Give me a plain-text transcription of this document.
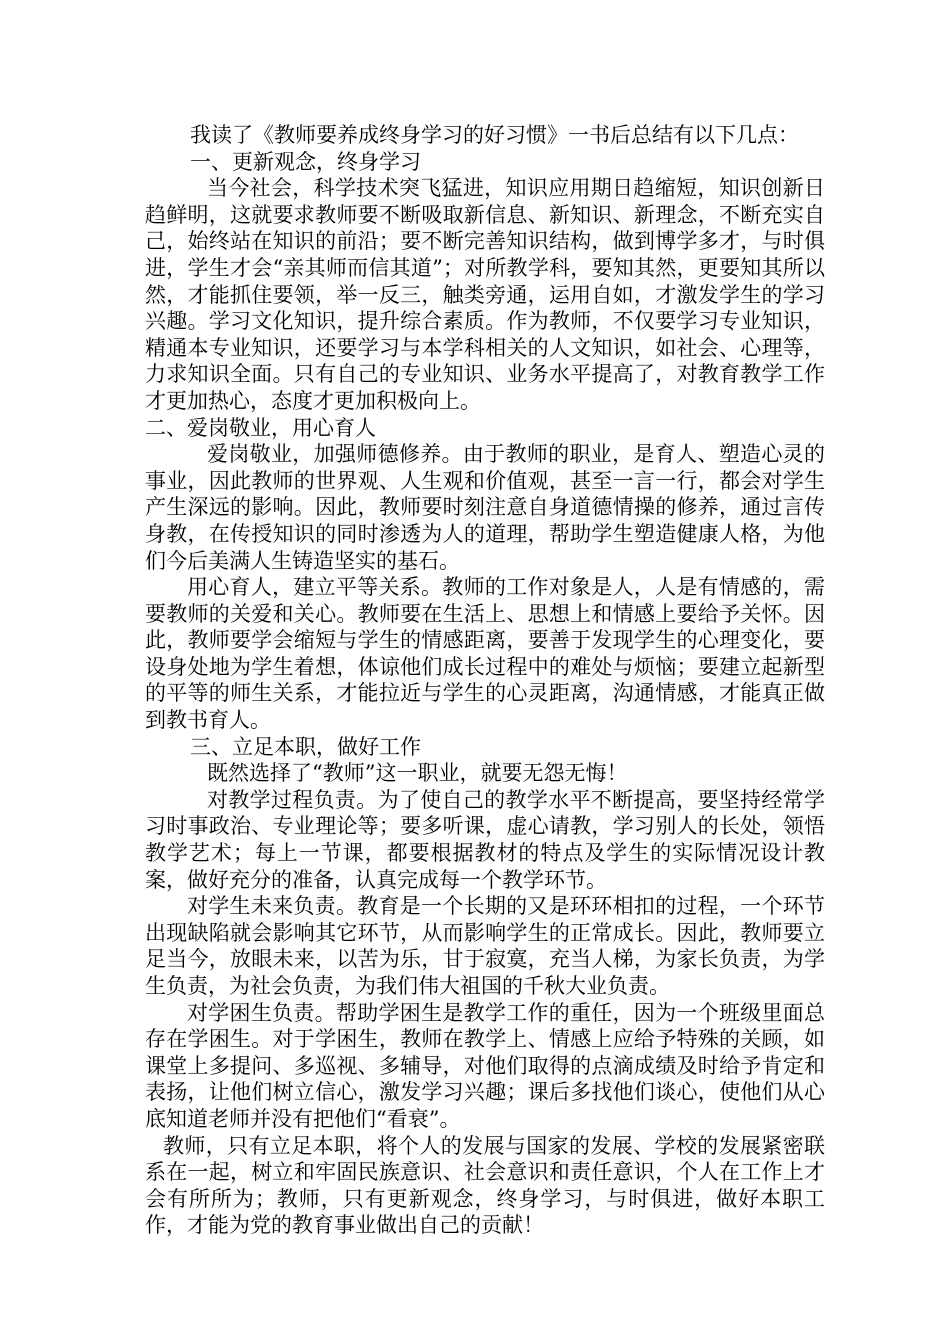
我读了《教师要养成终身学习的好习惯》一书后总结有以下几点：

一、更新观念，终身学习

当今社会，科学技术突飞猛进，知识应用期日趋缩短，知识创新日趋鲜明，这就要求教师要不断吸取新信息、新知识、新理念，不断充实自己，始终站在知识的前沿；要不断完善知识结构，做到博学多才，与时俱进，学生才会“亲其师而信其道”；对所教学科，要知其然，更要知其所以然，才能抓住要领，举一反三，触类旁通，运用自如，才激发学生的学习兴趣。学习文化知识，提升综合素质。作为教师，不仅要学习专业知识，精通本专业知识，还要学习与本学科相关的人文知识，如社会、心理等，力求知识全面。只有自己的专业知识、业务水平提高了，对教育教学工作才更加热心，态度才更加积极向上。

二、爱岗敬业，用心育人

爱岗敬业，加强师德修养。由于教师的职业，是育人、塑造心灵的事业，因此教师的世界观、人生观和价值观，甚至一言一行，都会对学生产生深远的影响。因此，教师要时刻注意自身道德情操的修养，通过言传身教，在传授知识的同时渗透为人的道理，帮助学生塑造健康人格，为他们今后美满人生铸造坚实的基石。

用心育人，建立平等关系。教师的工作对象是人，人是有情感的，需要教师的关爱和关心。教师要在生活上、思想上和情感上要给予关怀。因此，教师要学会缩短与学生的情感距离，要善于发现学生的心理变化，要设身处地为学生着想，体谅他们成长过程中的难处与烦恼；要建立起新型的平等的师生关系，才能拉近与学生的心灵距离，沟通情感，才能真正做到教书育人。

三、立足本职，做好工作

既然选择了“教师”这一职业，就要无怨无悔！

对教学过程负责。为了使自己的教学水平不断提高，要坚持经常学习时事政治、专业理论等；要多听课，虚心请教，学习别人的长处，领悟教学艺术；每上一节课，都要根据教材的特点及学生的实际情况设计教案，做好充分的准备，认真完成每一个教学环节。

对学生未来负责。教育是一个长期的又是环环相扣的过程，一个环节出现缺陷就会影响其它环节，从而影响学生的正常成长。因此，教师要立足当今，放眼未来，以苦为乐，甘于寂寞，充当人梯，为家长负责，为学生负责，为社会负责，为我们伟大祖国的千秋大业负责。

对学困生负责。帮助学困生是教学工作的重任，因为一个班级里面总存在学困生。对于学困生，教师在教学上、情感上应给予特殊的关顾，如课堂上多提问、多巡视、多辅导，对他们取得的点滴成绩及时给予肯定和表扬，让他们树立信心，激发学习兴趣；课后多找他们谈心，使他们从心底知道老师并没有把他们“看衰”。

教师，只有立足本职，将个人的发展与国家的发展、学校的发展紧密联系在一起，树立和牢固民族意识、社会意识和责任意识，个人在工作上才会有所所为；教师，只有更新观念，终身学习，与时俱进，做好本职工作，才能为党的教育事业做出自己的贡献！
